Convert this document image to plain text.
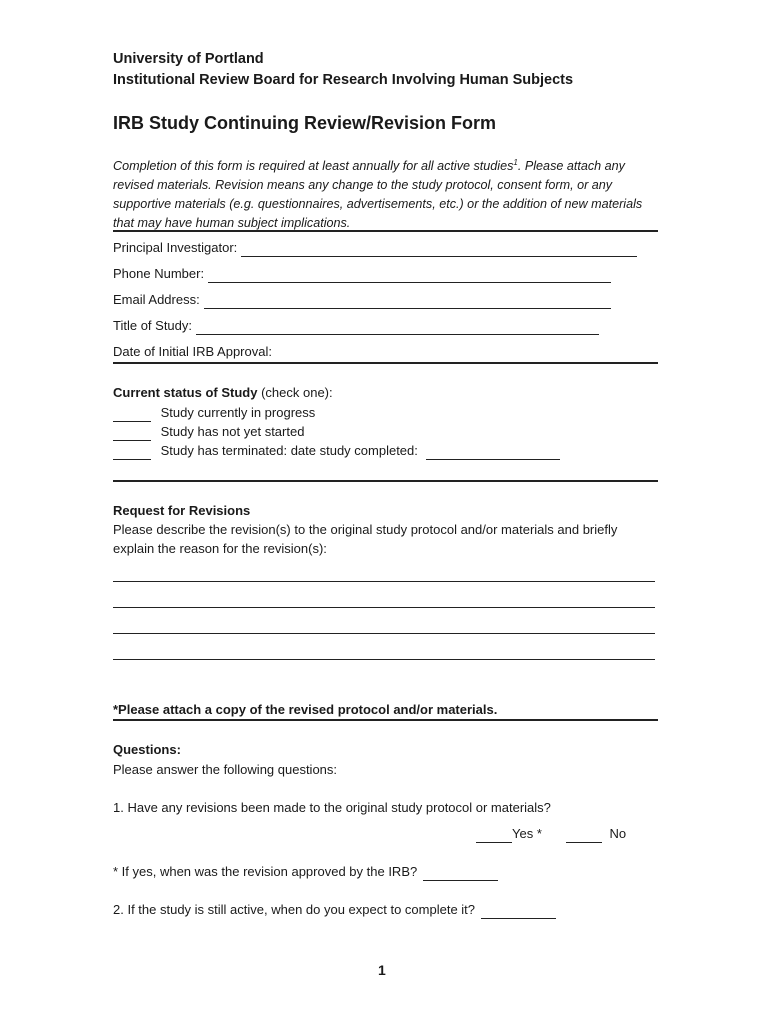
University of Portland
Institutional Review Board for Research Involving Human Subjects
IRB Study Continuing Review/Revision Form
Completion of this form is required at least annually for all active studies$^1$. Please attach any revised materials. Revision means any change to the study protocol, consent form, or any supportive materials (e.g. questionnaires, advertisements, etc.) or the addition of new materials that may have human subject implications.
Principal Investigator:
Phone Number:
Email Address:
Title of Study:
Date of Initial IRB Approval:
Current status of Study (check one):
Study currently in progress
Study has not yet started
Study has terminated: date study completed:
Request for Revisions
Please describe the revision(s) to the original study protocol and/or materials and briefly
explain the reason for the revision(s):
*Please attach a copy of the revised protocol and/or materials.
Questions:
Please answer the following questions:
1. Have any revisions been made to the original study protocol or materials?
Yes *	No
* If yes, when was the revision approved by the IRB?
2. If the study is still active, when do you expect to complete it?
1
